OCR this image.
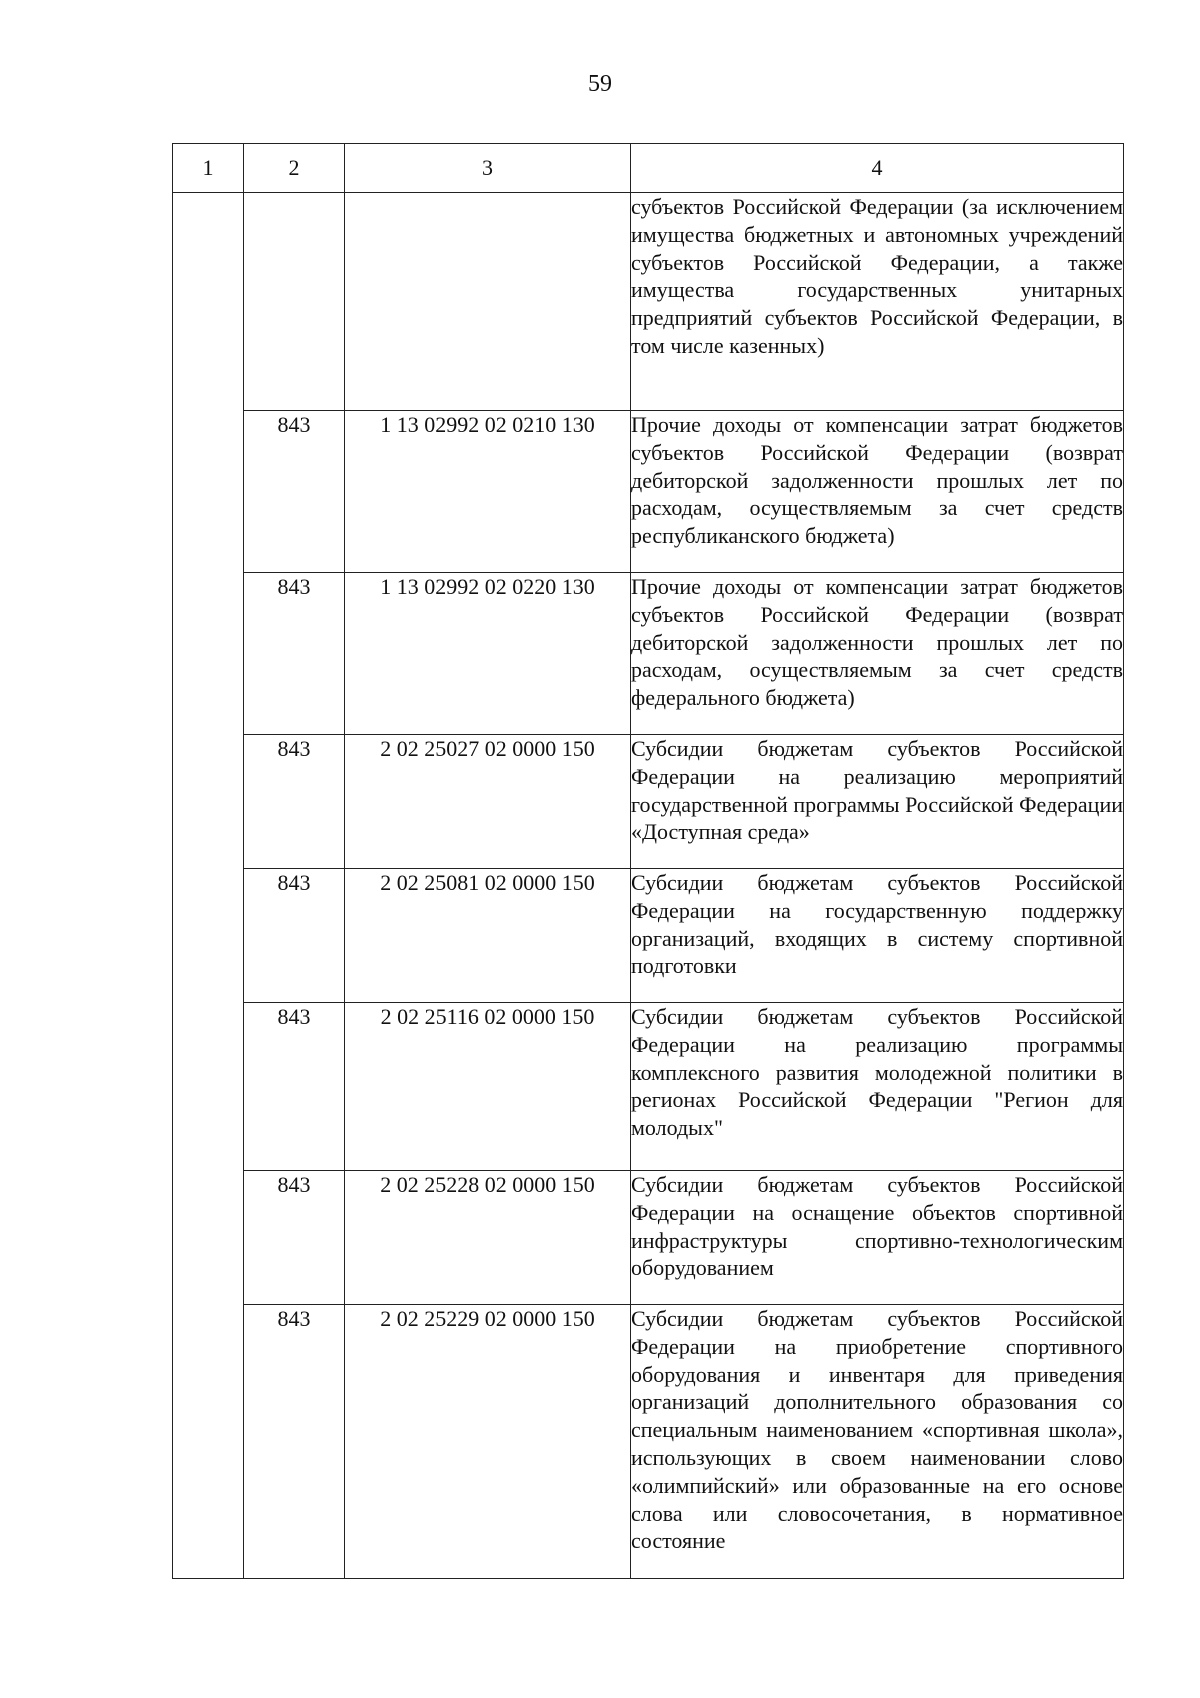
59
1	2	3	4

			субъектов Российской Федерации (за исключением имущества бюджетных и автономных учреждений субъектов Российской Федерации, а также имущества государственных унитарных предприятий субъектов Российской Федерации, в том числе казенных)

	843	1 13 02992 02 0210 130	Прочие доходы от компенсации затрат бюджетов субъектов Российской Федерации (возврат дебиторской задолженности прошлых лет по расходам, осуществляемым за счет средств республиканского бюджета)

	843	1 13 02992 02 0220 130	Прочие доходы от компенсации затрат бюджетов субъектов Российской Федерации (возврат дебиторской задолженности прошлых лет по расходам, осуществляемым за счет средств федерального бюджета)

	843	2 02 25027 02 0000 150	Субсидии бюджетам субъектов Российской Федерации на реализацию мероприятий государственной программы Российской Федерации «Доступная среда»

	843	2 02 25081 02 0000 150	Субсидии бюджетам субъектов Российской Федерации на государственную поддержку организаций, входящих в систему спортивной подготовки

	843	2 02 25116 02 0000 150	Субсидии бюджетам субъектов Российской Федерации на реализацию программы комплексного развития молодежной политики в регионах Российской Федерации "Регион для молодых"

	843	2 02 25228 02 0000 150	Субсидии бюджетам субъектов Российской Федерации на оснащение объектов спортивной инфраструктуры спортивно-технологическим оборудованием

	843	2 02 25229 02 0000 150	Субсидии бюджетам субъектов Российской Федерации на приобретение спортивного оборудования и инвентаря для приведения организаций дополнительного образования со специальным наименованием «спортивная школа», использующих в своем наименовании слово «олимпийский» или образованные на его основе слова или словосочетания, в нормативное состояние
